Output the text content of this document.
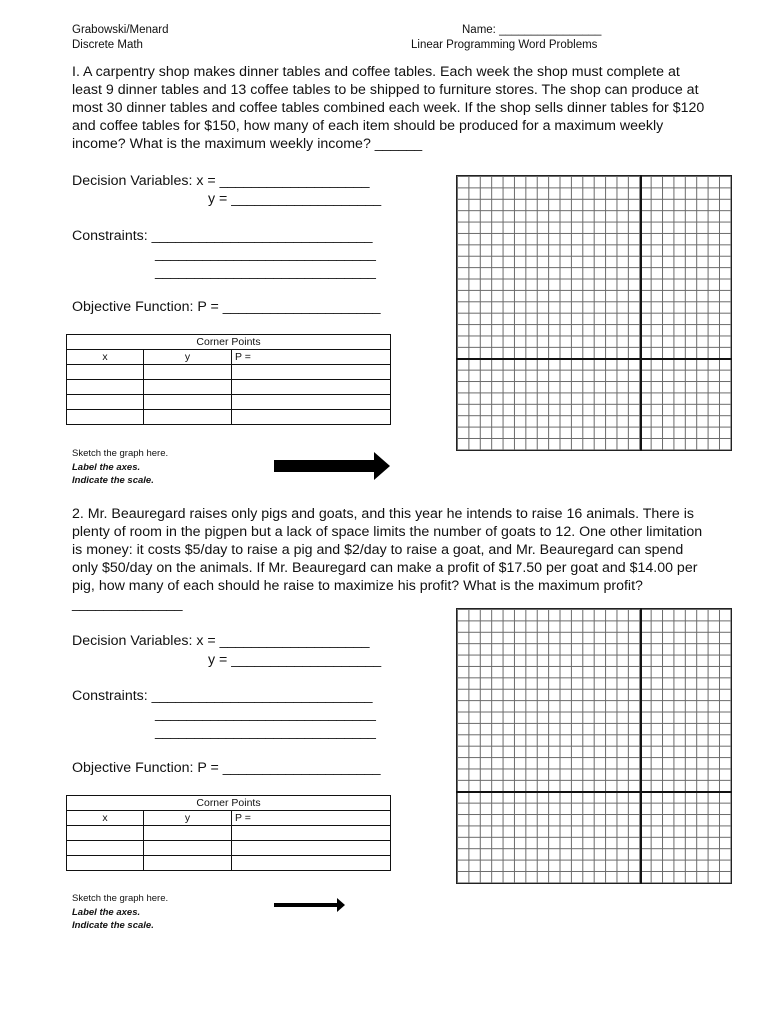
Grabowski/Menard
Discrete Math
Name: ________________
Linear Programming Word Problems
I. A carpentry shop makes dinner tables and coffee tables. Each week the shop must complete at least 9 dinner tables and 13 coffee tables to be shipped to furniture stores. The shop can produce at most 30 dinner tables and coffee tables combined each week. If the shop sells dinner tables for $120 and coffee tables for $150, how many of each item should be produced for a maximum weekly income? What is the maximum weekly income? ______
Decision Variables: x = ___________________
y = ___________________
Constraints: ____________________________
____________________________
____________________________
Objective Function: P = ____________________
Corner Points		
x	y	P =

Sketch the graph here.
Label the axes.
Indicate the scale.
2. Mr. Beauregard raises only pigs and goats, and this year he intends to raise 16 animals. There is plenty of room in the pigpen but a lack of space limits the number of goats to 12. One other limitation is money: it costs $5/day to raise a pig and $2/day to raise a goat, and Mr. Beauregard can spend only $50/day on the animals. If Mr. Beauregard can make a profit of $17.50 per goat and $14.00 per pig, how many of each should he raise to maximize his profit? What is the maximum profit? ______________
Decision Variables: x = ___________________
y = ___________________
Constraints: ____________________________
____________________________
____________________________
Objective Function: P = ____________________
Corner Points		
x	y	P =

Sketch the graph here.
Label the axes.
Indicate the scale.
